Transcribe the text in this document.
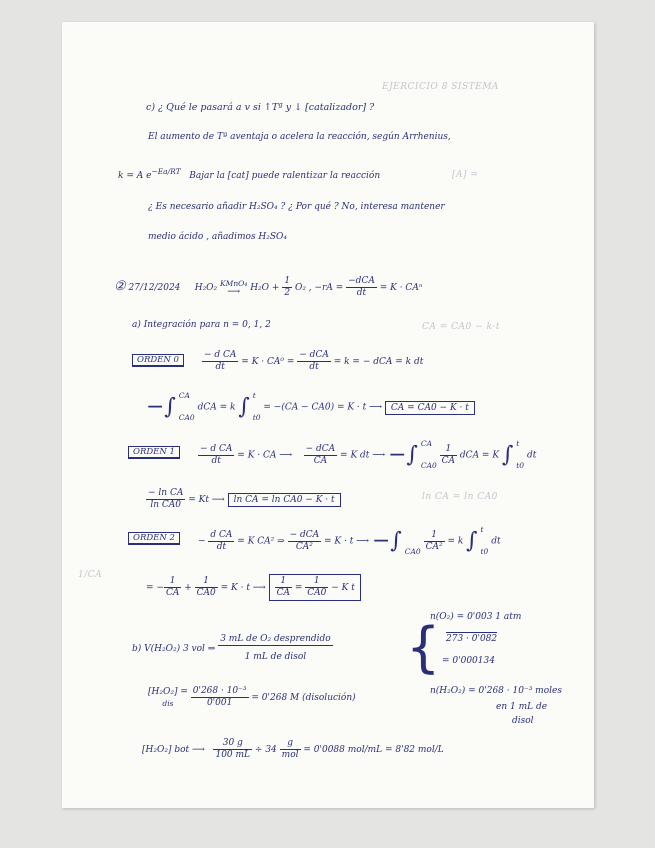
EJERCICIO 8 SISTEMA
[A] =
CA = CA0 − k·t
ln CA = ln CA0
1/CA
c) ¿ Qué le pasará a v si ↑Tª y ↓ [catalizador] ?
El aumento de Tª aventaja o acelera la reacción, según Arrhenius,
k = A $e^{-Ea/RT}$ Bajar la [cat] puede ralentizar la reacción
¿ Es necesario añadir H₂SO₄ ? ¿ Por qué ? No, interesa mantener
medio ácido , añadimos H₂SO₄
② 27/12/2024 H₂O₂ KMnO₄
⟶	$H_2O + \frac{1}{2} O_2$ , $-rA = \frac{\text{−dCA}}{dt} = K \cdot CA^n$
a) Integración para n = 0, 1, 2
ORDEN 0	$\frac{\text{− d CA}}{dt} = K \cdot CA^0 = \frac{\text{− dCA}}{dt} = k$ = − dCA = k dt
−∫ CA
CA0
dCA = k ∫ t
t0
= −(CA − CA0) = K · t ⟶ CA = CA0 − K · t
ORDEN 1	$\frac{\text{− d CA}}{dt} = K$ · CA ⟶ $\frac{\text{− dCA}}{CA} = K$ dt ⟶ −∫ CA
CA0
$\frac{1}{CA}$ dCA = K ∫ t
t0
dt
$\frac{\text{− ln CA}}{\text{ln CA0}} = Kt$ ⟶ ln CA = ln CA0 − K · t
ORDEN 2	− $\frac{\text{d CA}}{dt} = K$ CA² ⇒ $\frac{\text{− dCA}}{\text{CA²}} = K \cdot t$ ⟶ −∫
CA0
$\frac{1}{\text{CA²}} = k$ ∫ t
t0
dt
= − $\frac{1}{CA} + \frac{1}{CA0} = K \cdot t$ ⟶ $\frac{1}{CA} = \frac{1}{CA0} - K$ t
n(O₂) = 0'003 1 atm
273 · 0'082
= 0'000134
b) V(H₂O₂) 3 vol ⇒ $\frac{\text{3 mL de O₂ desprendido}}{\text{1 mL de disol}}$ {
[H₂O₂] =
dis
	$\frac{\text{0'268 · 10⁻³}}{0'001} = 0'268$ M (disolución)
n(H₂O₂) = 0'268 · 10⁻³ moles
en 1 mL de
disol
[H₂O₂] bot ⟶ $\frac{30 g}{100 mL} \div 34 \frac{g}{\text{mol}} = 0'0088$ mol/mL = 8'82 mol/L
